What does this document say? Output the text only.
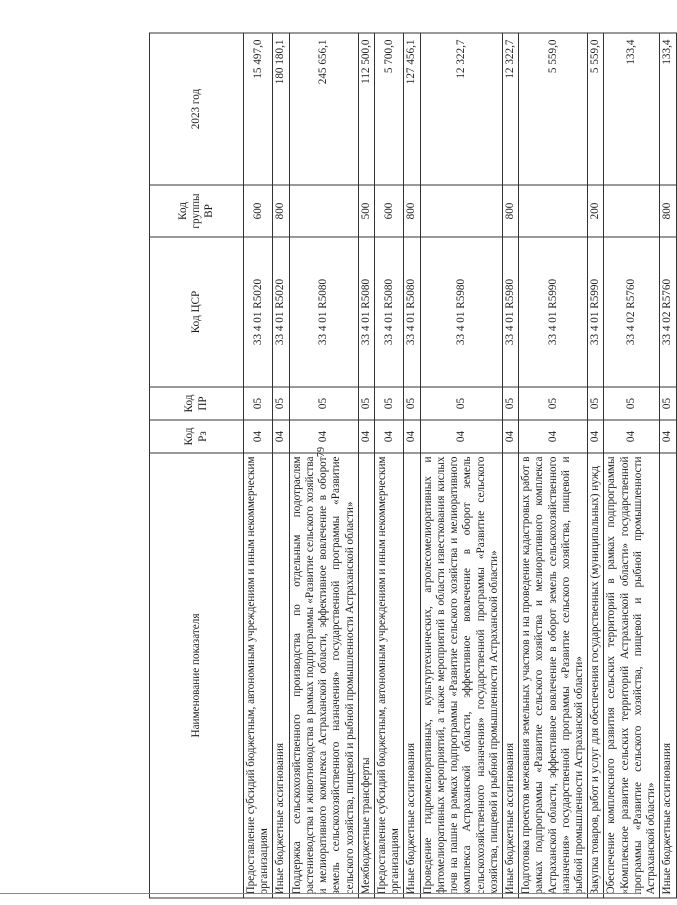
79
Наименование показателя	Код Рз	Код ПР	Код ЦСР	Код группы ВР	2023 год
Предоставление субсидий бюджетным, автономным учреждениям и иным некоммерческим организациям	04	05	33 4 01 R5020	600	15 497,0
Иные бюджетные ассигнования	04	05	33 4 01 R5020	800	180 180,1
Поддержка сельскохозяйственного производства по отдельным подотраслям растениеводства и животноводства в рамках подпрограммы «Развитие сельского хозяйства и мелиоративного комплекса Астраханской области, эффективное вовлечение в оборот земель сельскохозяйственного назначения» государственной программы «Развитие сельского хозяйства, пищевой и рыбной промышленности Астраханской области»	04	05	33 4 01 R5080		245 656,1
Межбюджетные трансферты	04	05	33 4 01 R5080	500	112 500,0
Предоставление субсидий бюджетным, автономным учреждениям и иным некоммерческим организациям	04	05	33 4 01 R5080	600	5 700,0
Иные бюджетные ассигнования	04	05	33 4 01 R5080	800	127 456,1
Проведение гидромелиоративных, культуртехнических, агролесомелиоративных и фитомелиоративных мероприятий, а также мероприятий в области известкования кислых почв на пашне в рамках подпрограммы «Развитие сельского хозяйства и мелиоративного комплекса Астраханской области, эффективное вовлечение в оборот земель сельскохозяйственного назначения» государственной программы «Развитие сельского хозяйства, пищевой и рыбной промышленности Астраханской области»	04	05	33 4 01 R5980		12 322,7
Иные бюджетные ассигнования	04	05	33 4 01 R5980	800	12 322,7
Подготовка проектов межевания земельных участков и на проведение кадастровых работ в рамках подпрограммы «Развитие сельского хозяйства и мелиоративного комплекса Астраханской области, эффективное вовлечение в оборот земель сельскохозяйственного назначения» государственной программы «Развитие сельского хозяйства, пищевой и рыбной промышленности Астраханской области»	04	05	33 4 01 R5990		5 559,0
Закупка товаров, работ и услуг для обеспечения государственных (муниципальных) нужд	04	05	33 4 01 R5990	200	5 559,0
Обеспечение комплексного развития сельских территорий в рамках подпрограммы «Комплексное развитие сельских территорий Астраханской области» государственной программы «Развитие сельского хозяйства, пищевой и рыбной промышленности Астраханской области»	04	05	33 4 02 R5760		133,4
Иные бюджетные ассигнования	04	05	33 4 02 R5760	800	133,4
